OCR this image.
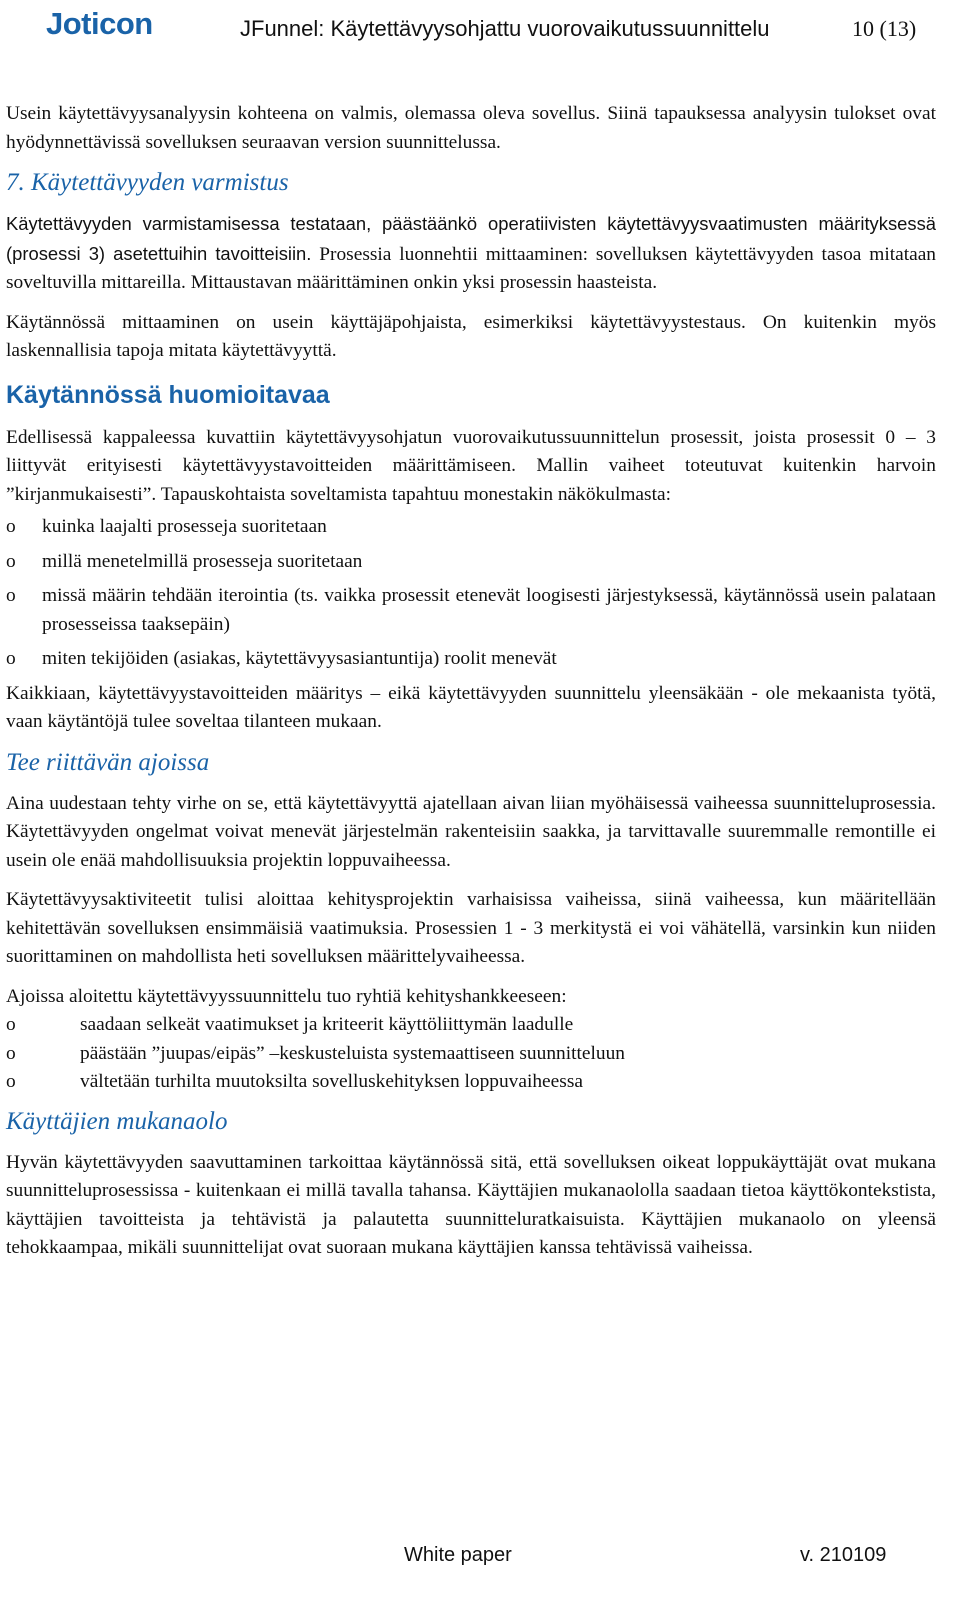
Joticon	JFunnel: Käytettävyysohjattu vuorovaikutussuunnittelu	10 (13)

Usein käytettävyysanalyysin kohteena on valmis, olemassa oleva sovellus. Siinä tapauksessa analyysin tulokset ovat hyödynnettävissä sovelluksen seuraavan version suunnittelussa.

7. Käytettävyyden varmistus

Käytettävyyden varmistamisessa testataan, päästäänkö operatiivisten käytettävyysvaatimusten määrityksessä (prosessi 3) asetettuihin tavoitteisiin. Prosessia luonnehtii mittaaminen: sovelluksen käytettävyyden tasoa mitataan soveltuvilla mittareilla. Mittaustavan määrittäminen onkin yksi prosessin haasteista.

Käytännössä mittaaminen on usein käyttäjäpohjaista, esimerkiksi käytettävyystestaus. On kuitenkin myös laskennallisia tapoja mitata käytettävyyttä.

Käytännössä huomioitavaa

Edellisessä kappaleessa kuvattiin käytettävyysohjatun vuorovaikutussuunnittelun prosessit, joista prosessit 0 – 3 liittyvät erityisesti käytettävyystavoitteiden määrittämiseen. Mallin vaiheet toteutuvat kuitenkin harvoin ”kirjanmukaisesti”. Tapauskohtaista soveltamista tapahtuu monestakin näkökulmasta:

o kuinka laajalti prosesseja suoritetaan
o millä menetelmillä prosesseja suoritetaan
o missä määrin tehdään iterointia (ts. vaikka prosessit etenevät loogisesti järjestyksessä, käytännössä usein palataan prosesseissa taaksepäin)
o miten tekijöiden (asiakas, käytettävyysasiantuntija) roolit menevät

Kaikkiaan, käytettävyystavoitteiden määritys – eikä käytettävyyden suunnittelu yleensäkään - ole mekaanista työtä, vaan käytäntöjä tulee soveltaa tilanteen mukaan.

Tee riittävän ajoissa

Aina uudestaan tehty virhe on se, että käytettävyyttä ajatellaan aivan liian myöhäisessä vaiheessa suunnitteluprosessia. Käytettävyyden ongelmat voivat menevät järjestelmän rakenteisiin saakka, ja tarvittavalle suuremmalle remontille ei usein ole enää mahdollisuuksia projektin loppuvaiheessa.

Käytettävyysaktiviteetit tulisi aloittaa kehitysprojektin varhaisissa vaiheissa, siinä vaiheessa, kun määritellään kehitettävän sovelluksen ensimmäisiä vaatimuksia. Prosessien 1 - 3 merkitystä ei voi vähätellä, varsinkin kun niiden suorittaminen on mahdollista heti sovelluksen määrittelyvaiheessa.

Ajoissa aloitettu käytettävyyssuunnittelu tuo ryhtiä kehityshankkeeseen:

o	saadaan selkeät vaatimukset ja kriteerit käyttöliittymän laadulle
o	päästään ”juupas/eipäs” –keskusteluista systemaattiseen suunnitteluun
o	vältetään turhilta muutoksilta sovelluskehityksen loppuvaiheessa
Käyttäjien mukanaolo

Hyvän käytettävyyden saavuttaminen tarkoittaa käytännössä sitä, että sovelluksen oikeat loppukäyttäjät ovat mukana suunnitteluprosessissa - kuitenkaan ei millä tavalla tahansa. Käyttäjien mukanaololla saadaan tietoa käyttökontekstista, käyttäjien tavoitteista ja tehtävistä ja palautetta suunnitteluratkaisuista. Käyttäjien mukanaolo on yleensä tehokkaampaa, mikäli suunnittelijat ovat suoraan mukana käyttäjien kanssa tehtävissä vaiheissa.

White paper	v. 210109
